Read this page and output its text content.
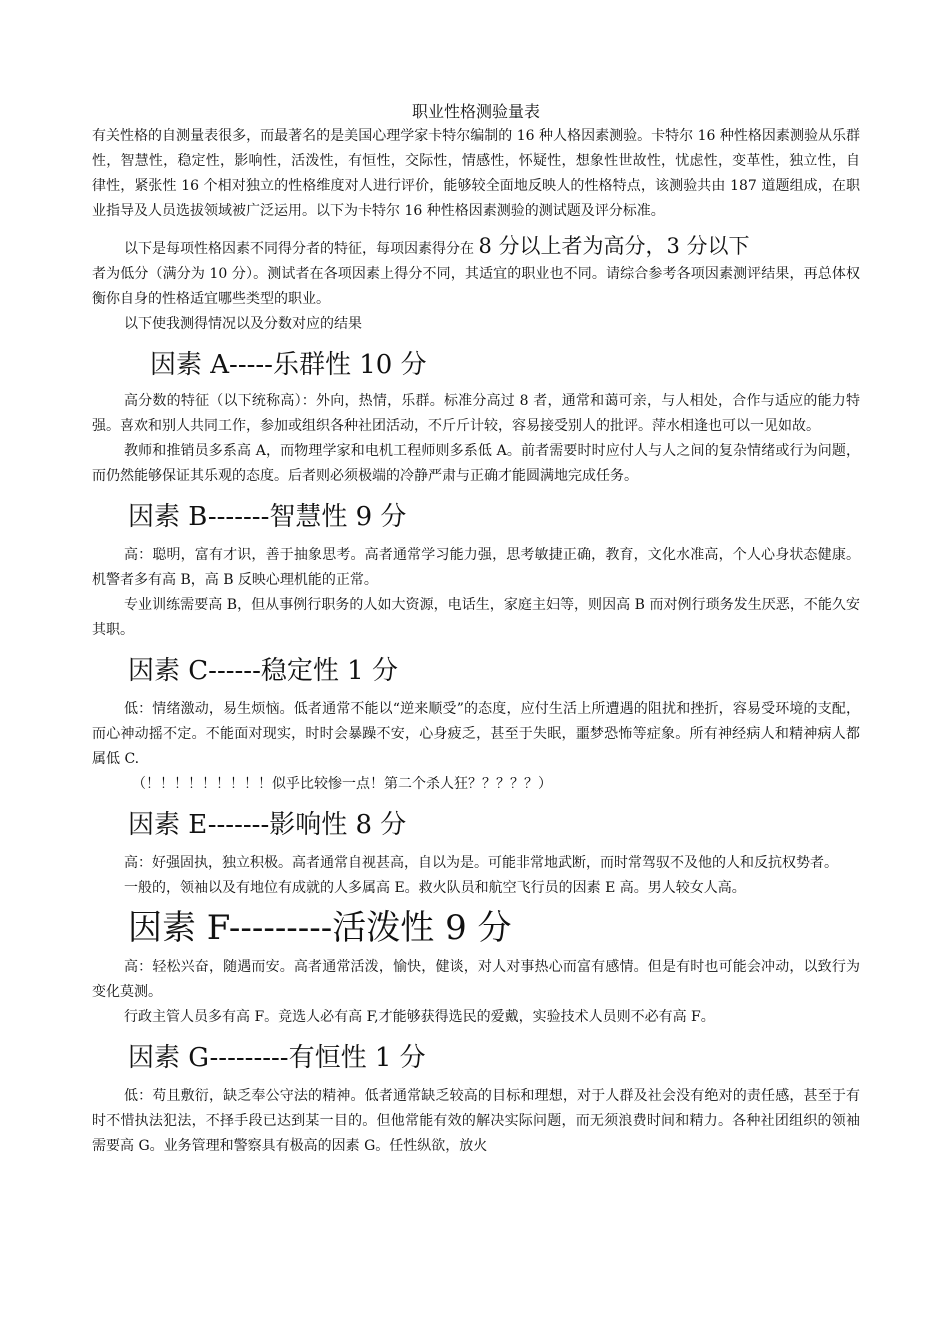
职业性格测验量表

有关性格的自测量表很多，而最著名的是美国心理学家卡特尔编制的 16 种人格因素测验。卡特尔 16 种性格因素测验从乐群性，智慧性，稳定性，影响性，活泼性，有恒性，交际性，情感性，怀疑性，想象性世故性，忧虑性，变革性，独立性，自律性，紧张性 16 个相对独立的性格维度对人进行评价，能够较全面地反映人的性格特点，该测验共由 187 道题组成，在职业指导及人员选拔领域被广泛运用。以下为卡特尔 16 种性格因素测验的测试题及评分标准。

以下是每项性格因素不同得分者的特征，每项因素得分在 8 分以上者为高分，3 分以下

者为低分（满分为 10 分）。测试者在各项因素上得分不同，其适宜的职业也不同。请综合参考各项因素测评结果，再总体权衡你自身的性格适宜哪些类型的职业。

以下使我测得情况以及分数对应的结果

因素 A-----乐群性 10 分

高分数的特征（以下统称高）：外向，热情，乐群。标准分高过 8 者，通常和蔼可亲，与人相处，合作与适应的能力特强。喜欢和别人共同工作，参加或组织各种社团活动，不斤斤计较，容易接受别人的批评。萍水相逢也可以一见如故。

教师和推销员多系高 A，而物理学家和电机工程师则多系低 A。前者需要时时应付人与人之间的复杂情绪或行为问题，而仍然能够保证其乐观的态度。后者则必须极端的冷静严肃与正确才能圆满地完成任务。

因素 B-------智慧性 9 分

高：聪明，富有才识，善于抽象思考。高者通常学习能力强，思考敏捷正确，教育，文化水准高，个人心身状态健康。机警者多有高 B，高 B 反映心理机能的正常。

专业训练需要高 B，但从事例行职务的人如大资源，电话生，家庭主妇等，则因高 B 而对例行琐务发生厌恶，不能久安其职。

因素 C------稳定性 1 分

低：情绪激动，易生烦恼。低者通常不能以“逆来顺受”的态度，应付生活上所遭遇的阻扰和挫折，容易受环境的支配，而心神动摇不定。不能面对现实，时时会暴躁不安，心身疲乏，甚至于失眠，噩梦恐怖等症象。所有神经病人和精神病人都属低 C.

（！！！！！！！！！似乎比较惨一点！第二个杀人狂？？？？？）

因素 E-------影响性 8 分

高：好强固执，独立积极。高者通常自视甚高，自以为是。可能非常地武断，而时常驾驭不及他的人和反抗权势者。

一般的，领袖以及有地位有成就的人多属高 E。救火队员和航空飞行员的因素 E 高。男人较女人高。

因素 F---------活泼性 9 分

高：轻松兴奋，随遇而安。高者通常活泼，愉快，健谈，对人对事热心而富有感情。但是有时也可能会冲动，以致行为变化莫测。

行政主管人员多有高 F。竞选人必有高 F,才能够获得选民的爱戴，实验技术人员则不必有高 F。

因素 G---------有恒性 1 分

低：苟且敷衍，缺乏奉公守法的精神。低者通常缺乏较高的目标和理想，对于人群及社会没有绝对的责任感，甚至于有时不惜执法犯法，不择手段已达到某一目的。但他常能有效的解决实际问题，而无须浪费时间和精力。各种社团组织的领袖需要高 G。业务管理和警察具有极高的因素 G。任性纵欲，放火
